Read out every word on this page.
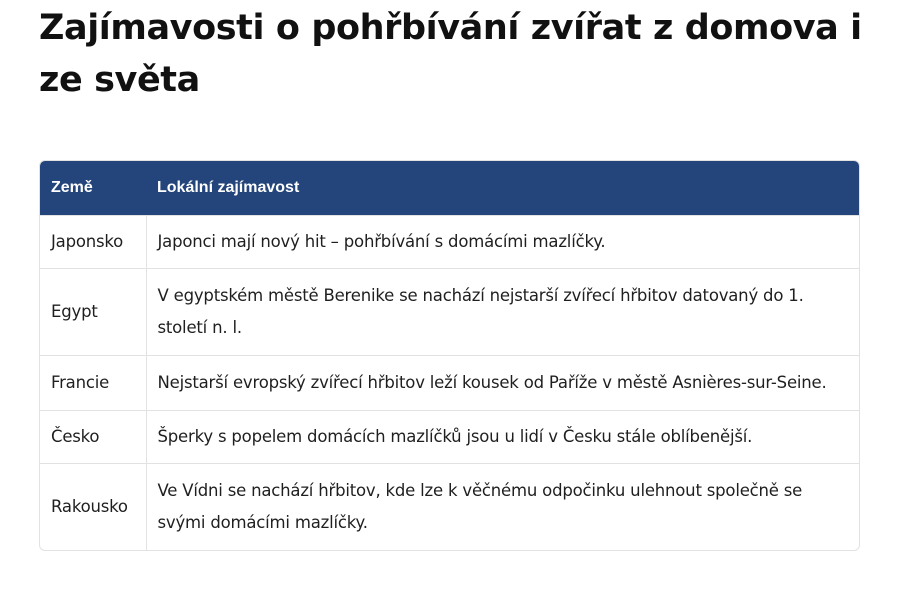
Zajímavosti o pohřbívání zvířat z domova i ze světa
Země	Lokální zajímavost
Japonsko	Japonci mají nový hit – pohřbívání s domácími mazlíčky.
Egypt	V egyptském městě Berenike se nachází nejstarší zvířecí hřbitov datovaný do 1. století n. l.
Francie	Nejstarší evropský zvířecí hřbitov leží kousek od Paříže v městě Asnières-sur-Seine.
Česko	Šperky s popelem domácích mazlíčků jsou u lidí v Česku stále oblíbenější.
Rakousko	Ve Vídni se nachází hřbitov, kde lze k věčnému odpočinku ulehnout společně se svými domácími mazlíčky.
